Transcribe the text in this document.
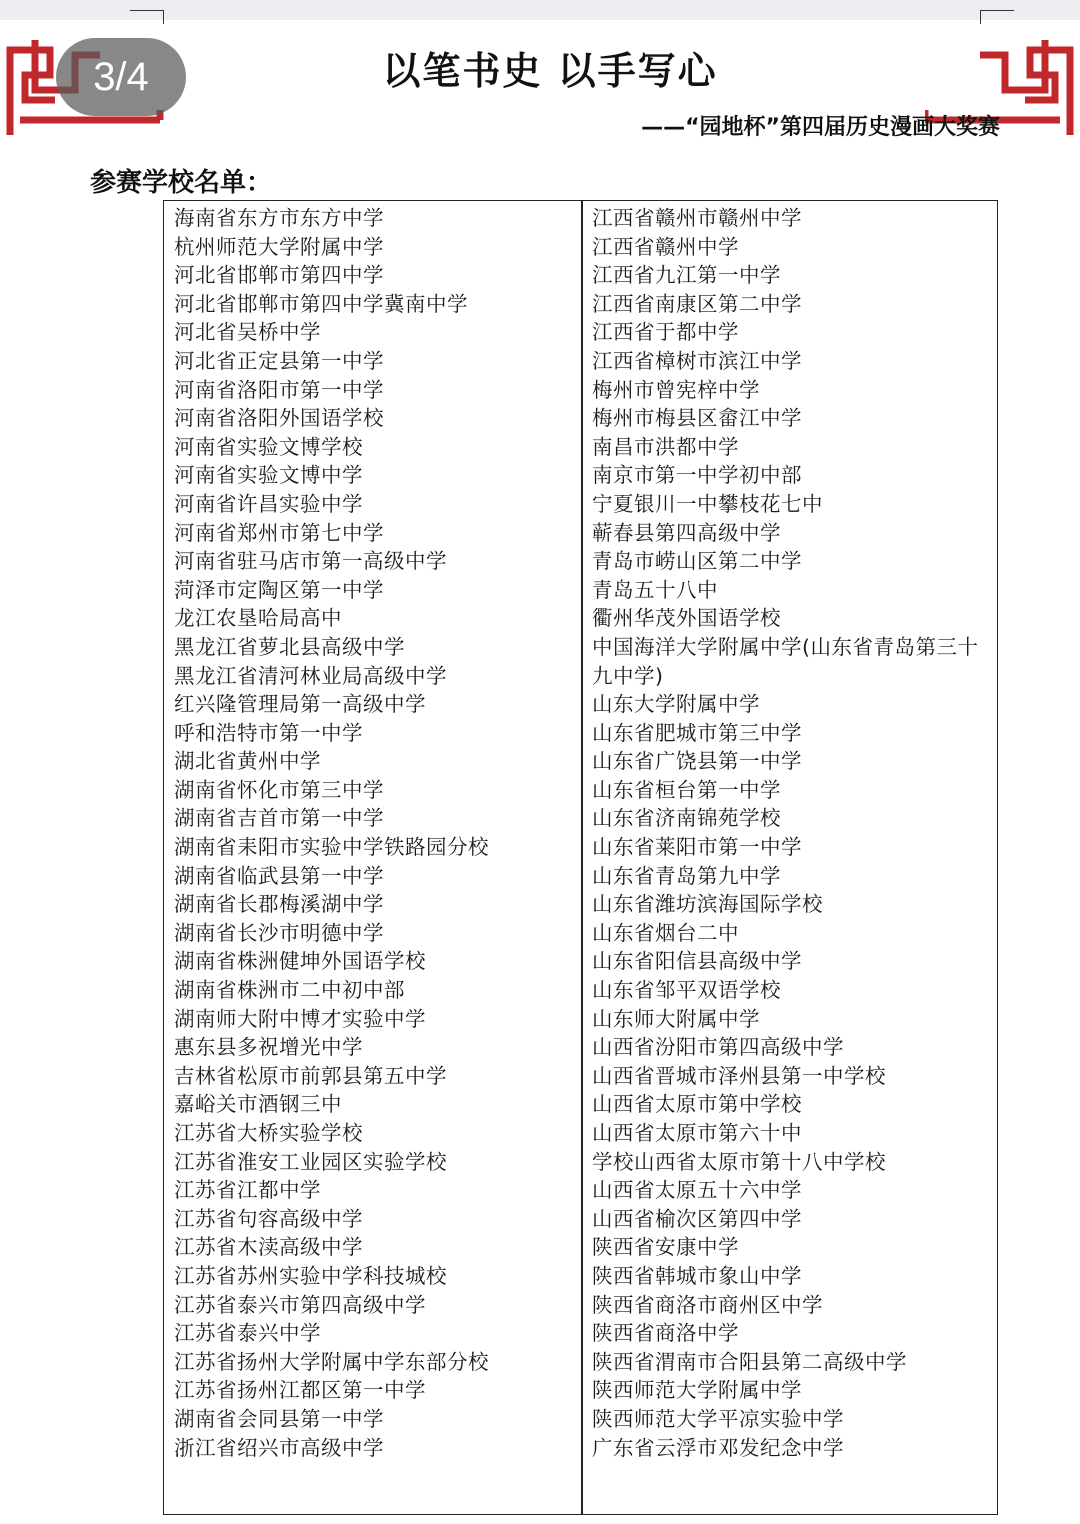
3/4	以笔书史 以手写心
——“园地杯”第四届历史漫画大奖赛
参赛学校名单：
海南省东方市东方中学
杭州师范大学附属中学
河北省邯郸市第四中学
河北省邯郸市第四中学冀南中学
河北省吴桥中学
河北省正定县第一中学
河南省洛阳市第一中学
河南省洛阳外国语学校
河南省实验文博学校
河南省实验文博中学
河南省许昌实验中学
河南省郑州市第七中学
河南省驻马店市第一高级中学
菏泽市定陶区第一中学
龙江农垦哈局高中
黑龙江省萝北县高级中学
黑龙江省清河林业局高级中学
红兴隆管理局第一高级中学
呼和浩特市第一中学
湖北省黄州中学
湖南省怀化市第三中学
湖南省吉首市第一中学
湖南省耒阳市实验中学铁路园分校
湖南省临武县第一中学
湖南省长郡梅溪湖中学
湖南省长沙市明德中学
湖南省株洲健坤外国语学校
湖南省株洲市二中初中部
湖南师大附中博才实验中学
惠东县多祝增光中学
吉林省松原市前郭县第五中学
嘉峪关市酒钢三中
江苏省大桥实验学校
江苏省淮安工业园区实验学校
江苏省江都中学
江苏省句容高级中学
江苏省木渎高级中学
江苏省苏州实验中学科技城校
江苏省泰兴市第四高级中学
江苏省泰兴中学
江苏省扬州大学附属中学东部分校
江苏省扬州江都区第一中学
湖南省会同县第一中学
浙江省绍兴市高级中学
江西省赣州市赣州中学
江西省赣州中学
江西省九江第一中学
江西省南康区第二中学
江西省于都中学
江西省樟树市滨江中学
梅州市曾宪梓中学
梅州市梅县区畲江中学
南昌市洪都中学
南京市第一中学初中部
宁夏银川一中攀枝花七中
蕲春县第四高级中学
青岛市崂山区第二中学
青岛五十八中
衢州华茂外国语学校
中国海洋大学附属中学(山东省青岛第三十九中学)
山东大学附属中学
山东省肥城市第三中学
山东省广饶县第一中学
山东省桓台第一中学
山东省济南锦苑学校
山东省莱阳市第一中学
山东省青岛第九中学
山东省潍坊滨海国际学校
山东省烟台二中
山东省阳信县高级中学
山东省邹平双语学校
山东师大附属中学
山西省汾阳市第四高级中学
山西省晋城市泽州县第一中学校
山西省太原市第中学校
山西省太原市第六十中
学校山西省太原市第十八中学校
山西省太原五十六中学
山西省榆次区第四中学
陕西省安康中学
陕西省韩城市象山中学
陕西省商洛市商州区中学
陕西省商洛中学
陕西省渭南市合阳县第二高级中学
陕西师范大学附属中学
陕西师范大学平凉实验中学
广东省云浮市邓发纪念中学
